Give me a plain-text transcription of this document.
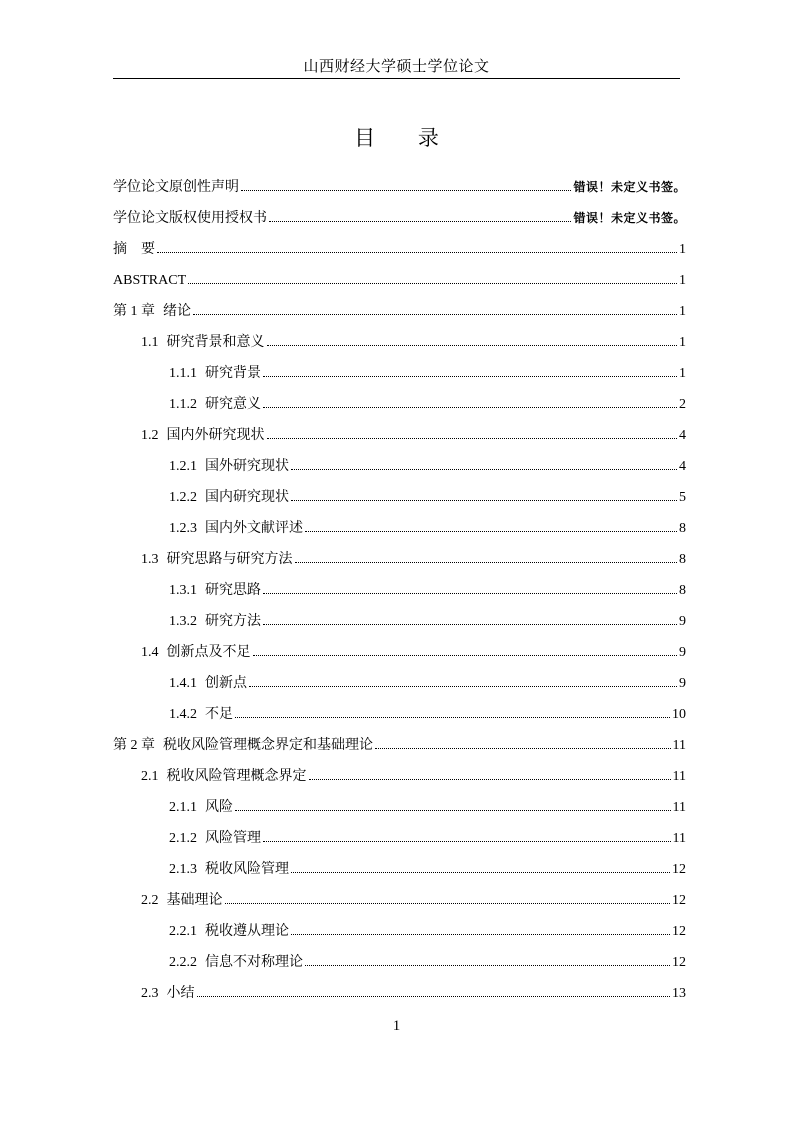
山西财经大学硕士学位论文
目 录
学位论文原创性声明	错误！未定义书签。
学位论文版权使用授权书	错误！未定义书签。
摘　要	1
ABSTRACT	1
第 1 章 绪论	1
1.1 研究背景和意义	1
1.1.1 研究背景	1
1.1.2 研究意义	2
1.2 国内外研究现状	4
1.2.1 国外研究现状	4
1.2.2 国内研究现状	5
1.2.3 国内外文献评述	8
1.3 研究思路与研究方法	8
1.3.1 研究思路	8
1.3.2 研究方法	9
1.4 创新点及不足	9
1.4.1 创新点	9
1.4.2 不足	10
第 2 章 税收风险管理概念界定和基础理论	11
2.1 税收风险管理概念界定	11
2.1.1 风险	11
2.1.2 风险管理	11
2.1.3 税收风险管理	12
2.2 基础理论	12
2.2.1 税收遵从理论	12
2.2.2 信息不对称理论	12
2.3 小结	13
1
